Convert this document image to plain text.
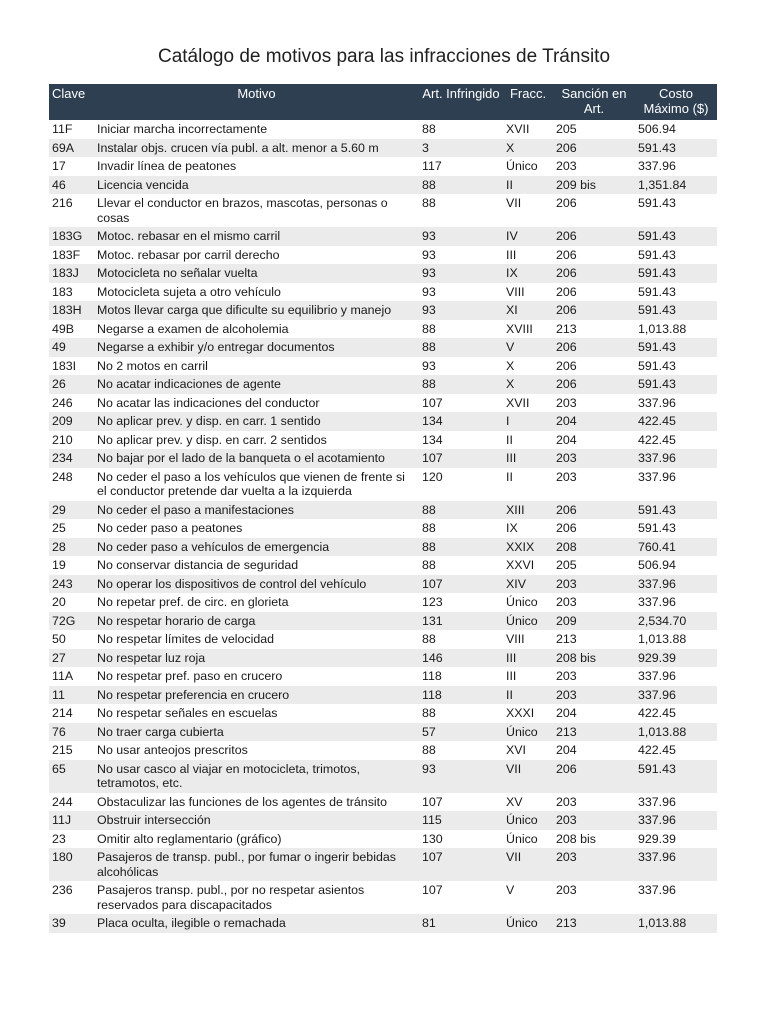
Catálogo de motivos para las infracciones de Tránsito
Clave	Motivo	Art. Infringido	Fracc.	Sanción en Art.	Costo Máximo ($)
11F	Iniciar marcha incorrectamente	88	XVII	205	506.94
69A	Instalar objs. crucen vía publ. a alt. menor a 5.60 m	3	X	206	591.43
17	Invadir línea de peatones	117	Único	203	337.96
46	Licencia vencida	88	II	209 bis	1,351.84
216	Llevar el conductor en brazos, mascotas, personas o cosas	88	VII	206	591.43
183G	Motoc. rebasar en el mismo carril	93	IV	206	591.43
183F	Motoc. rebasar por carril derecho	93	III	206	591.43
183J	Motocicleta no señalar vuelta	93	IX	206	591.43
183	Motocicleta sujeta a otro vehículo	93	VIII	206	591.43
183H	Motos llevar carga que dificulte su equilibrio y manejo	93	XI	206	591.43
49B	Negarse a examen de alcoholemia	88	XVIII	213	1,013.88
49	Negarse a exhibir y/o entregar documentos	88	V	206	591.43
183I	No 2 motos en carril	93	X	206	591.43
26	No acatar indicaciones de agente	88	X	206	591.43
246	No acatar las indicaciones del conductor	107	XVII	203	337.96
209	No aplicar prev. y disp. en carr. 1 sentido	134	I	204	422.45
210	No aplicar prev. y disp. en carr. 2 sentidos	134	II	204	422.45
234	No bajar por el lado de la banqueta o el acotamiento	107	III	203	337.96
248	No ceder el paso a los vehículos que vienen de frente si el conductor pretende dar vuelta a la izquierda	120	II	203	337.96
29	No ceder el paso a manifestaciones	88	XIII	206	591.43
25	No ceder paso a peatones	88	IX	206	591.43
28	No ceder paso a vehículos de emergencia	88	XXIX	208	760.41
19	No conservar distancia de seguridad	88	XXVI	205	506.94
243	No operar los dispositivos de control del vehículo	107	XIV	203	337.96
20	No repetar pref. de circ. en glorieta	123	Único	203	337.96
72G	No respetar horario de carga	131	Único	209	2,534.70
50	No respetar límites de velocidad	88	VIII	213	1,013.88
27	No respetar luz roja	146	III	208 bis	929.39
11A	No respetar pref. paso en crucero	118	III	203	337.96
11	No respetar preferencia en crucero	118	II	203	337.96
214	No respetar señales en escuelas	88	XXXI	204	422.45
76	No traer carga cubierta	57	Único	213	1,013.88
215	No usar anteojos prescritos	88	XVI	204	422.45
65	No usar casco al viajar en motocicleta, trimotos, tetramotos, etc.	93	VII	206	591.43
244	Obstaculizar las funciones de los agentes de tránsito	107	XV	203	337.96
11J	Obstruir intersección	115	Único	203	337.96
23	Omitir alto reglamentario (gráfico)	130	Único	208 bis	929.39
180	Pasajeros de transp. publ., por fumar o ingerir bebidas alcohólicas	107	VII	203	337.96
236	Pasajeros transp. publ., por no respetar asientos reservados para discapacitados	107	V	203	337.96
39	Placa oculta, ilegible o remachada	81	Único	213	1,013.88
